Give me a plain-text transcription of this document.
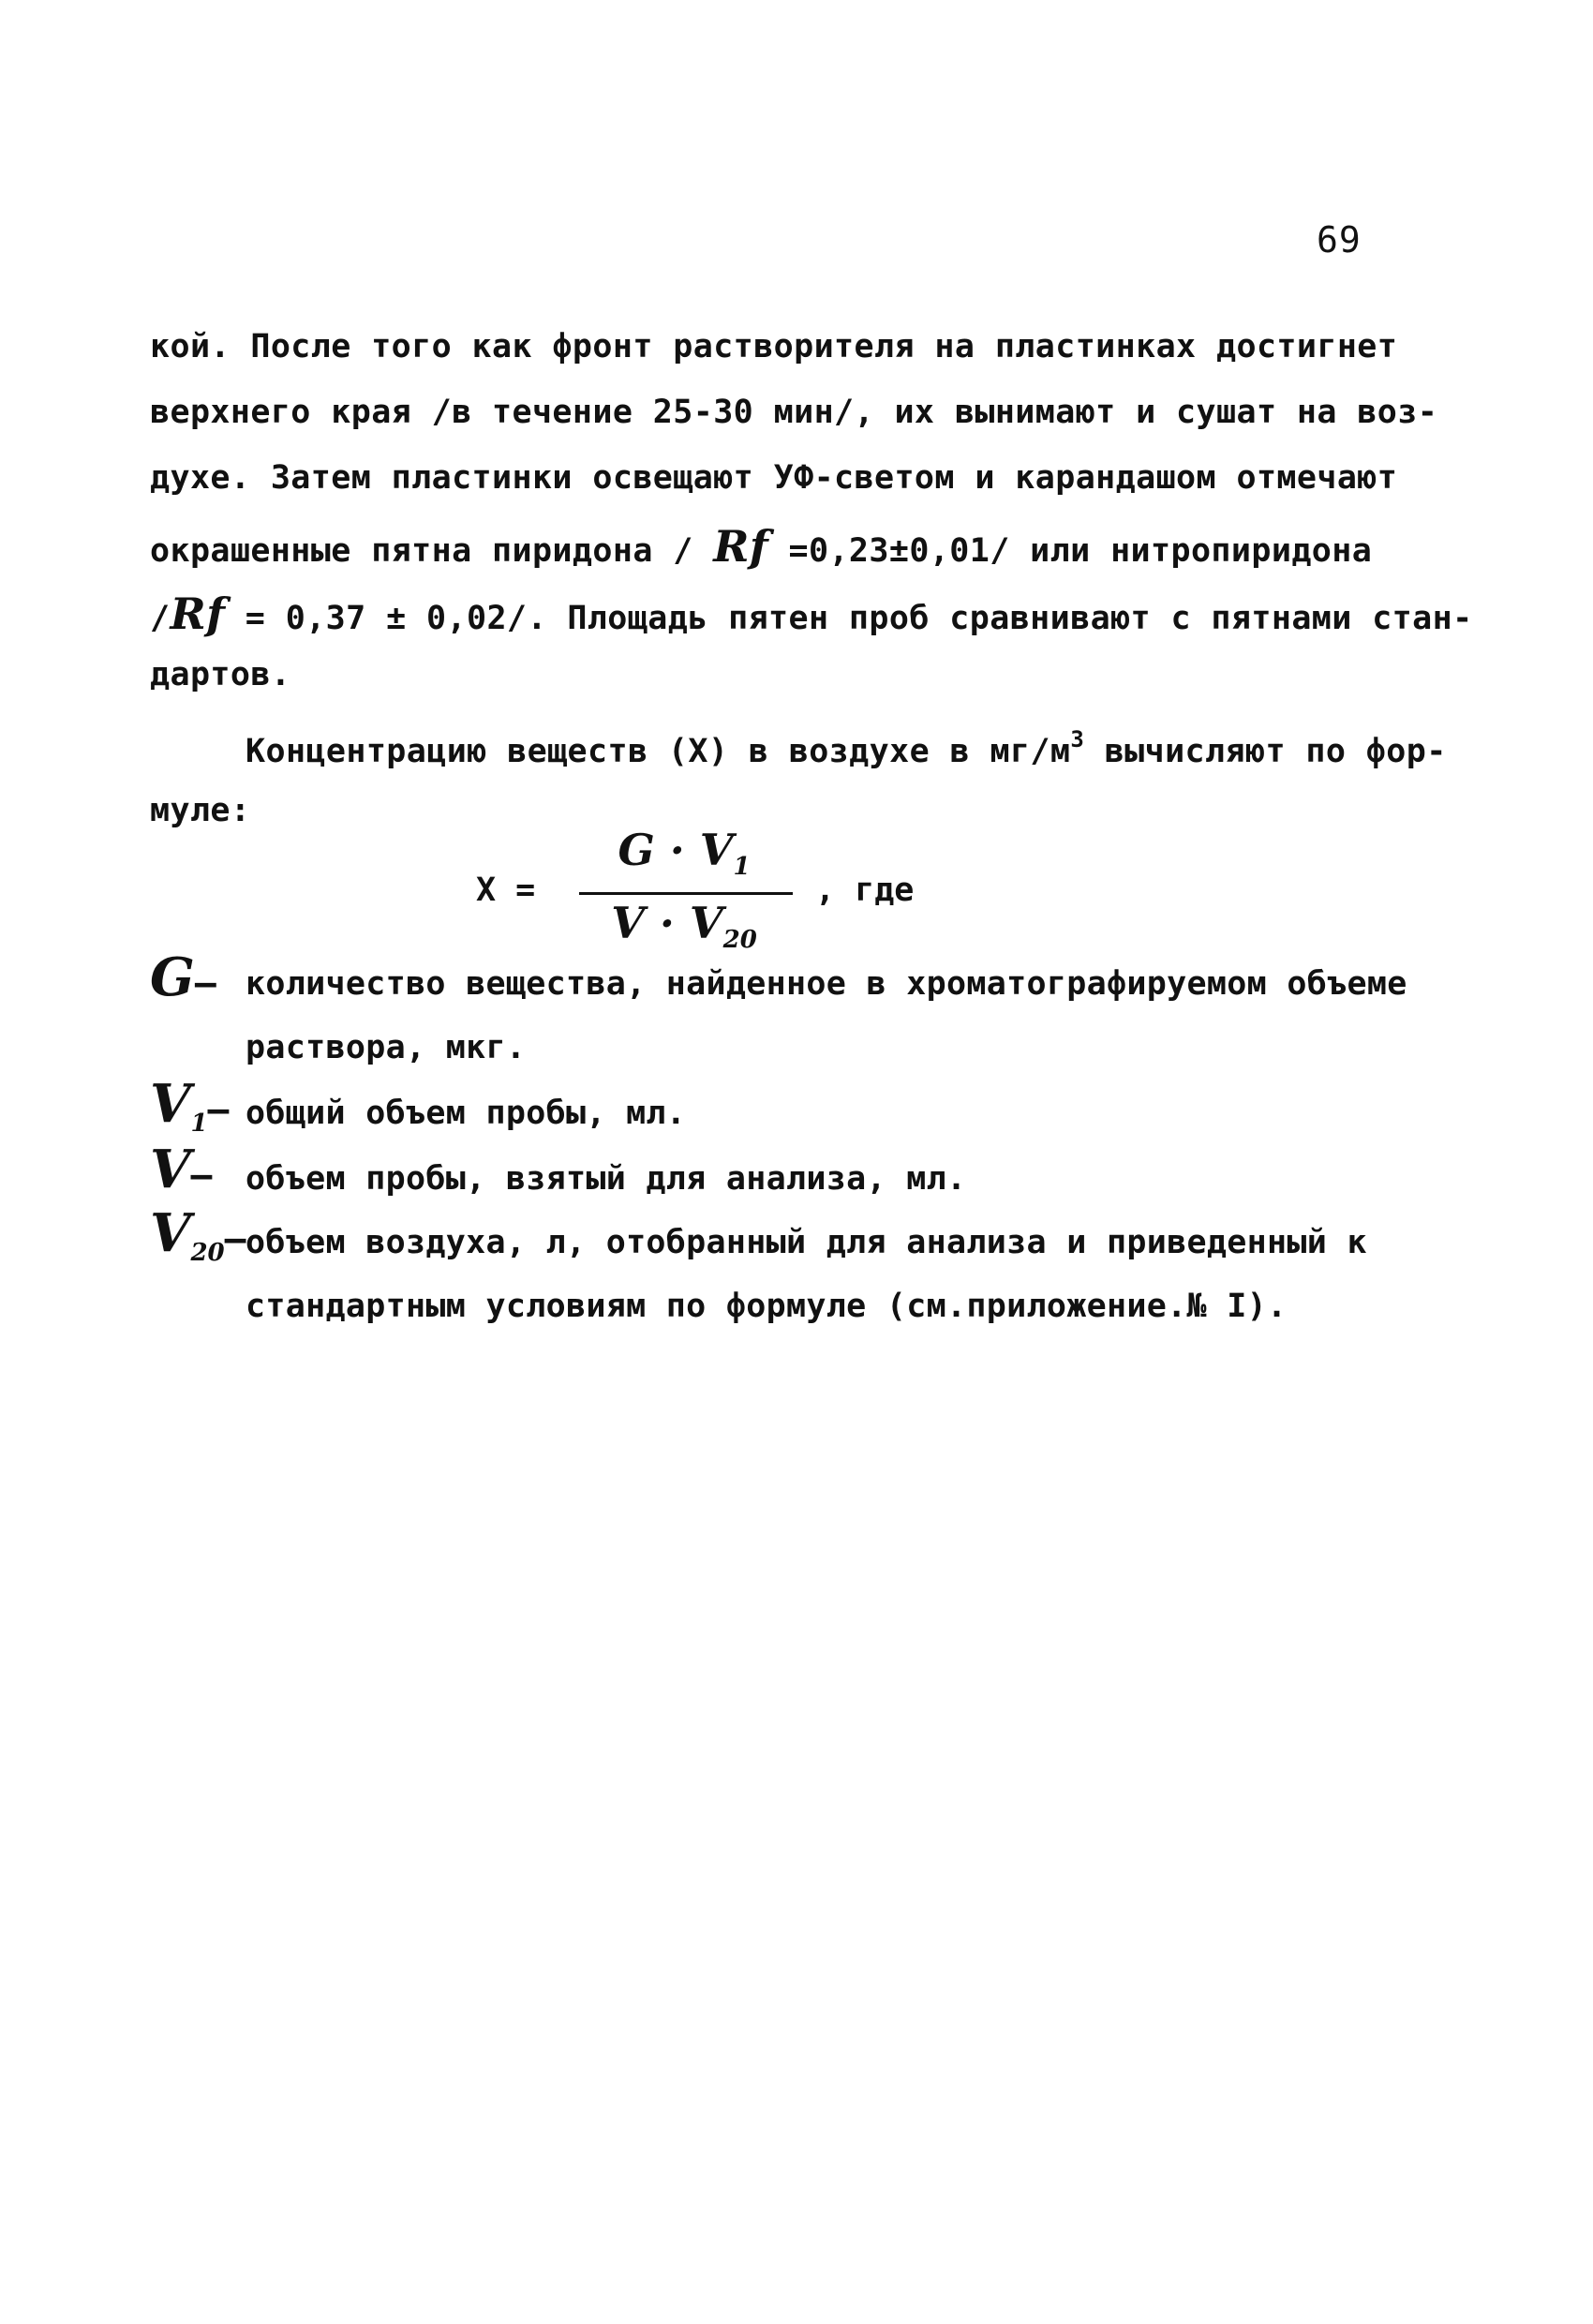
69
кой. После того как фронт растворителя на пластинках достигнет
верхнего края /в течение 25-30 мин/, их вынимают и сушат на воз-
духе. Затем пластинки освещают УФ-светом и карандашом отмечают
окрашенные пятна пиридона / Rf =0,23±0,01/ или нитропиридона
/Rf = 0,37 ± 0,02/. Площадь пятен проб сравнивают с пятнами стан-
дартов.
Концентрацию веществ (X) в воздухе в $мг/м^3$ вычисляют по фор-
муле:
X =
$G \cdot V_1$
$V \cdot V_{20}$
, где
G– количество вещества, найденное в хроматографируемом объеме
раствора, мкг.
V1– общий объем пробы, мл.
V– объем пробы, взятый для анализа, мл.
V20– объем воздуха, л, отобранный для анализа и приведенный к
стандартным условиям по формуле (см.приложение.№ I).
